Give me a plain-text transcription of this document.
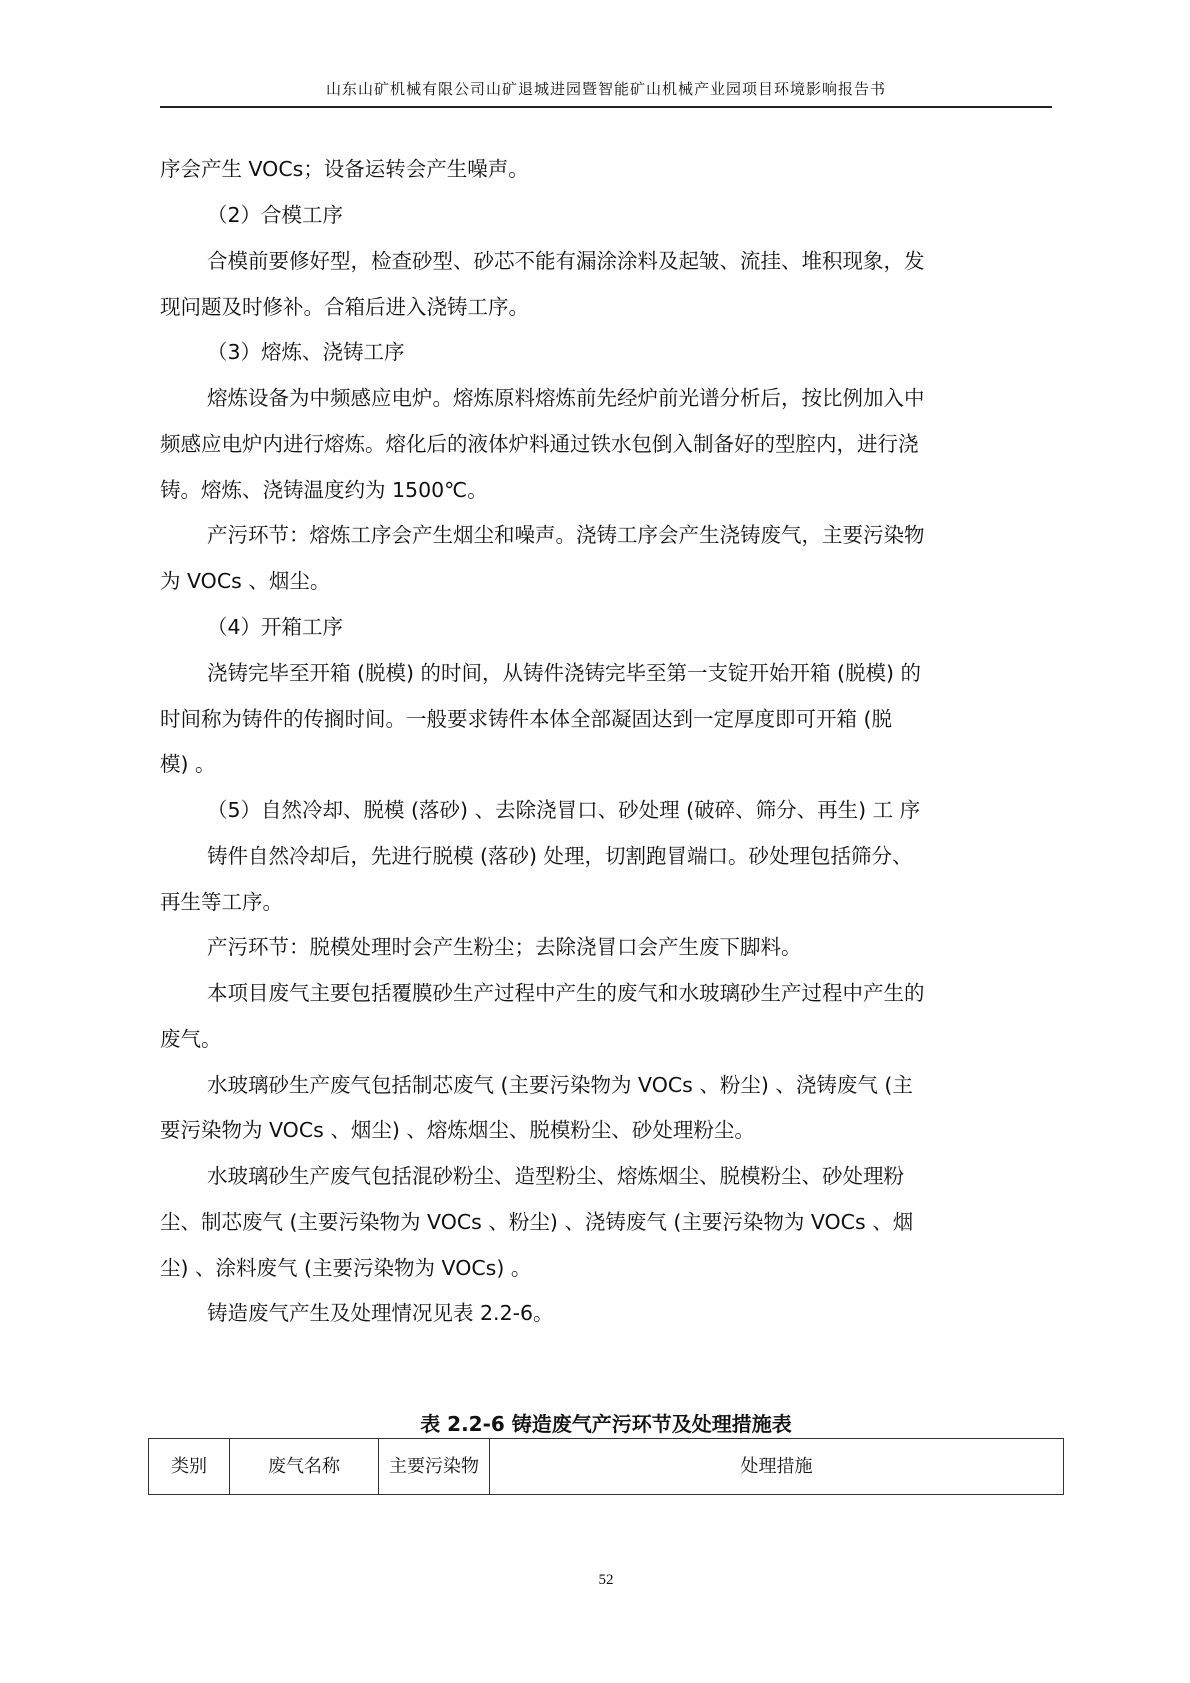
山东山矿机械有限公司山矿退城进园暨智能矿山机械产业园项目环境影响报告书
序会产生 VOCs；设备运转会产生噪声。
（2）合模工序
合模前要修好型，检查砂型、砂芯不能有漏涂涂料及起皱、流挂、堆积现象，发
现问题及时修补。合箱后进入浇铸工序。
（3）熔炼、浇铸工序
熔炼设备为中频感应电炉。熔炼原料熔炼前先经炉前光谱分析后，按比例加入中
频感应电炉内进行熔炼。熔化后的液体炉料通过铁水包倒入制备好的型腔内，进行浇
铸。熔炼、浇铸温度约为 1500℃。
产污环节：熔炼工序会产生烟尘和噪声。浇铸工序会产生浇铸废气，主要污染物
为 VOCs 、烟尘。
（4）开箱工序
浇铸完毕至开箱 (脱模) 的时间，从铸件浇铸完毕至第一支锭开始开箱 (脱模) 的
时间称为铸件的传搁时间。一般要求铸件本体全部凝固达到一定厚度即可开箱 (脱
模) 。
（5）自然冷却、脱模 (落砂) 、去除浇冒口、砂处理 (破碎、筛分、再生) 工 序
铸件自然冷却后，先进行脱模 (落砂) 处理，切割跑冒端口。砂处理包括筛分、
再生等工序。
产污环节：脱模处理时会产生粉尘；去除浇冒口会产生废下脚料。
本项目废气主要包括覆膜砂生产过程中产生的废气和水玻璃砂生产过程中产生的
废气。
水玻璃砂生产废气包括制芯废气 (主要污染物为 VOCs 、粉尘) 、浇铸废气 (主
要污染物为 VOCs 、烟尘) 、熔炼烟尘、脱模粉尘、砂处理粉尘。
水玻璃砂生产废气包括混砂粉尘、造型粉尘、熔炼烟尘、脱模粉尘、砂处理粉
尘、制芯废气 (主要污染物为 VOCs 、粉尘) 、浇铸废气 (主要污染物为 VOCs 、烟
尘) 、涂料废气 (主要污染物为 VOCs) 。
铸造废气产生及处理情况见表 2.2-6。
表 2.2-6 铸造废气产污环节及处理措施表
类别	废气名称	主要污染物	处理措施
52
